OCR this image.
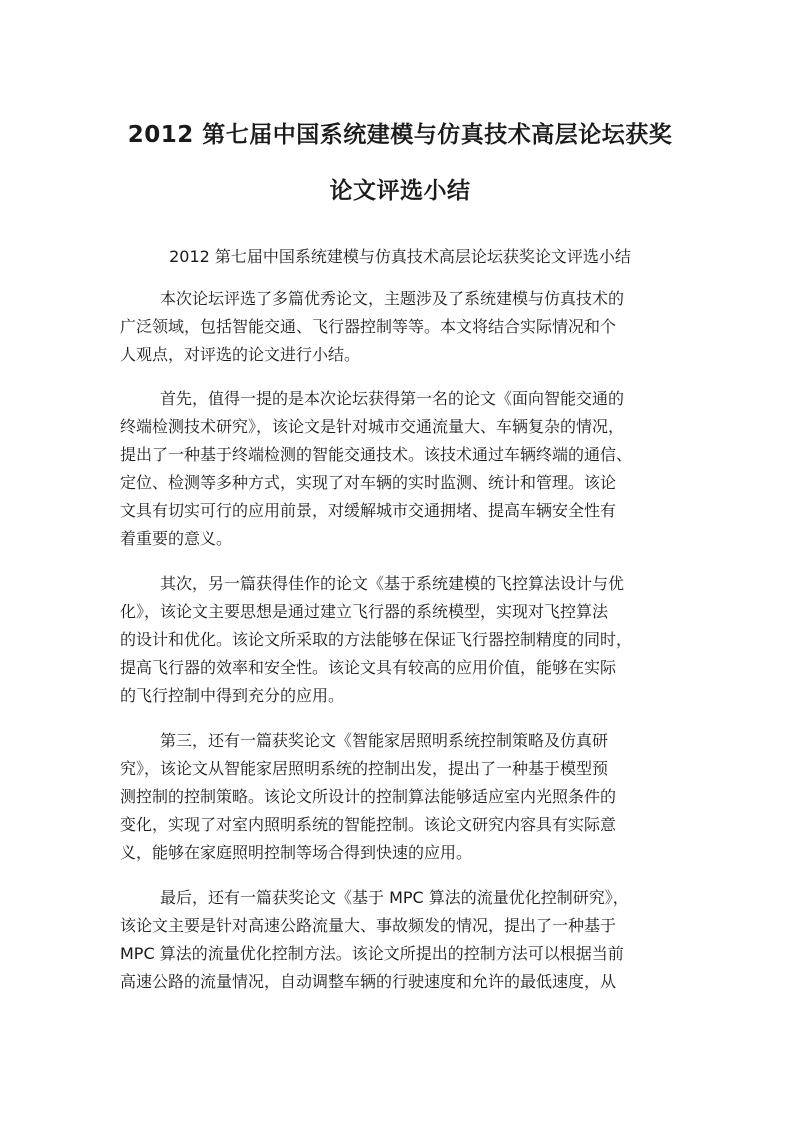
2012 第七届中国系统建模与仿真技术高层论坛获奖
论文评选小结
2012 第七届中国系统建模与仿真技术高层论坛获奖论文评选小结
本次论坛评选了多篇优秀论文，主题涉及了系统建模与仿真技术的
广泛领域，包括智能交通、飞行器控制等等。本文将结合实际情况和个
人观点，对评选的论文进行小结。
首先，值得一提的是本次论坛获得第一名的论文《面向智能交通的
终端检测技术研究》，该论文是针对城市交通流量大、车辆复杂的情况，
提出了一种基于终端检测的智能交通技术。该技术通过车辆终端的通信、
定位、检测等多种方式，实现了对车辆的实时监测、统计和管理。该论
文具有切实可行的应用前景，对缓解城市交通拥堵、提高车辆安全性有
着重要的意义。
其次，另一篇获得佳作的论文《基于系统建模的飞控算法设计与优
化》，该论文主要思想是通过建立飞行器的系统模型，实现对飞控算法
的设计和优化。该论文所采取的方法能够在保证飞行器控制精度的同时，
提高飞行器的效率和安全性。该论文具有较高的应用价值，能够在实际
的飞行控制中得到充分的应用。
第三，还有一篇获奖论文《智能家居照明系统控制策略及仿真研
究》，该论文从智能家居照明系统的控制出发，提出了一种基于模型预
测控制的控制策略。该论文所设计的控制算法能够适应室内光照条件的
变化，实现了对室内照明系统的智能控制。该论文研究内容具有实际意
义，能够在家庭照明控制等场合得到快速的应用。
最后，还有一篇获奖论文《基于 MPC 算法的流量优化控制研究》，
该论文主要是针对高速公路流量大、事故频发的情况，提出了一种基于
MPC 算法的流量优化控制方法。该论文所提出的控制方法可以根据当前
高速公路的流量情况，自动调整车辆的行驶速度和允许的最低速度，从
